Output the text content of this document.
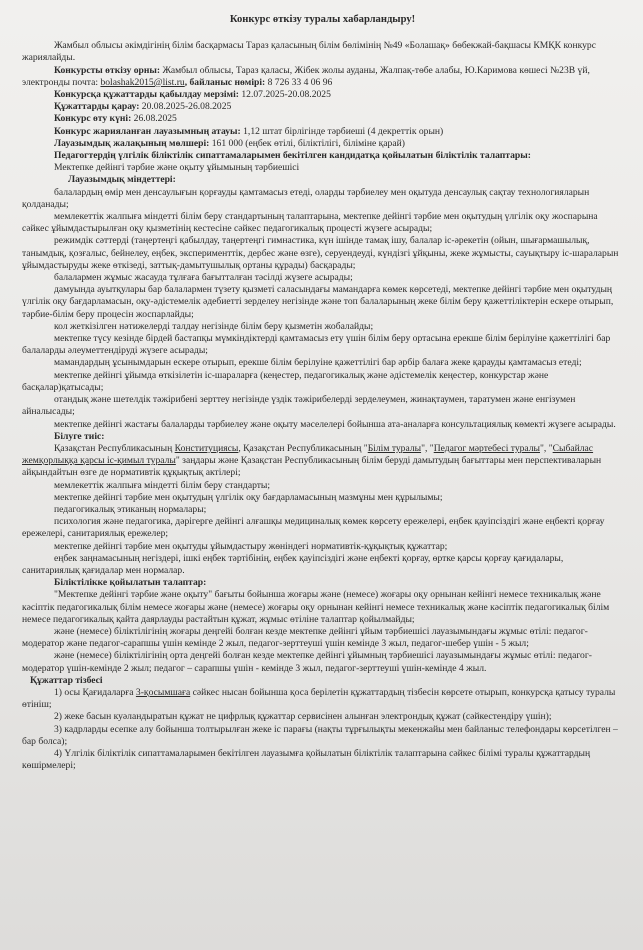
Конкурс өткізу туралы хабарландыру!

Жамбыл облысы әкімдігінің білім басқармасы Тараз қаласының білім бөлімінің №49 «Болашақ» бөбекжай-бақшасы КМҚК конкурс жариялайды.

Конкурсты өткізу орны: Жамбыл облысы, Тараз қаласы, Жібек жолы ауданы, Жалпақ-төбе алабы, Ю.Каримова көшесі №23В үй, электронды почта: bolashak2015@list.ru, байланыс нөмірі: 8 726 33 4 06 96

Конкурсқа құжаттарды қабылдау мерзімі: 12.07.2025-20.08.2025

Құжаттарды қарау: 20.08.2025-26.08.2025

Конкурс өту күні: 26.08.2025

Конкурс жарияланған лауазымның атауы: 1,12 штат бірлігінде тәрбиеші (4 декреттік орын)

Лауазымдық жалақының мөлшері: 161 000 (еңбек өтілі, біліктілігі, біліміне қарай)

Педагогтердің үлгілік біліктілік сипаттамаларымен бекітілген кандидатқа қойылатын біліктілік талаптары:

Мектепке дейінгі тәрбие және оқыту ұйымының тәрбиешісі

Лауазымдық міндеттері:

балалардың өмір мен денсаулығын қорғауды қамтамасыз етеді, оларды тәрбиелеу мен оқытуда денсаулық сақтау технологияларын қолданады;

мемлекеттік жалпыға міндетті білім беру стандартының талаптарына, мектепке дейінгі тәрбие мен оқытудың үлгілік оқу жоспарына сәйкес ұйымдастырылған оқу қызметінің кестесіне сәйкес педагогикалық процесті жүзеге асырады;

режимдік сәттерді (таңертеңгі қабылдау, таңертеңгі гимнастика, күн ішінде тамақ ішу, балалар іс-әрекетін (ойын, шығармашылық, танымдық, қозғалыс, бейнелеу, еңбек, эксперименттік, дербес және өзге), серуендеуді, күндізгі ұйқыны, жеке жұмысты, сауықтыру іс-шараларын ұйымдастыруды жеке өткізеді, заттық-дамытушылық ортаны құрады) басқарады;

балалармен жұмыс жасауда тұлғаға бағытталған тәсілді жүзеге асырады;

дамуында ауытқулары бар балалармен түзету қызметі саласындағы мамандарға көмек көрсетеді, мектепке дейінгі тәрбие мен оқытудың үлгілік оқу бағдарламасын, оқу-әдістемелік әдебиетті зерделеу негізінде және топ балаларының жеке білім беру қажеттіліктерін ескере отырып, тәрбие-білім беру процесін жоспарлайды;

кол жеткізілген нәтижелерді талдау негізінде білім беру қызметін жобалайды;

мектепке түсу кезінде бірдей бастапқы мүмкіндіктерді қамтамасыз ету үшін білім беру ортасына ерекше білім берілуіне қажеттілігі бар балаларды әлеуметтендіруді жүзеге асырады;

мамандардың ұсынымдарын ескере отырып, ерекше білім берілуіне қажеттілігі бар әрбір балаға жеке қарауды қамтамасыз етеді;

мектепке дейінгі ұйымда өткізілетін іс-шараларға (кеңестер, педагогикалық және әдістемелік кеңестер, конкурстар және басқалар)қатысады;

отандық және шетелдік тәжірибені зерттеу негізінде үздік тәжірибелерді зерделеумен, жинақтаумен, таратумен және енгізумен айналысады;

мектепке дейінгі жастағы балаларды тәрбиелеу және оқыту мәселелері бойынша ата-аналарға консультациялық көмекті жүзеге асырады.

Білуге тиіс:

Қазақстан Республикасының Конституциясы, Қазақстан Республикасының "Білім туралы", "Педагог мәртебесі туралы", "Сыбайлас жемқорлыққа қарсы іс-қимыл туралы" заңдары және Қазақстан Республикасының білім беруді дамытудың бағыттары мен перспективаларын айқындайтын өзге де нормативтік құқықтық актілері;

мемлекеттік жалпыға міндетті білім беру стандарты;

мектепке дейінгі тәрбие мен оқытудың үлгілік оқу бағдарламасының мазмұны мен құрылымы;

педагогикалық этиканың нормалары;

психология және педагогика, дәрігерге дейінгі алғашқы медициналық көмек көрсету ережелері, еңбек қауіпсіздігі және еңбекті қорғау ережелері, санитариялық ережелер;

мектепке дейінгі тәрбие мен оқытуды ұйымдастыру жөніндегі нормативтік-құқықтық құжаттар;

еңбек заңнамасының негіздері, ішкі еңбек тәртібінің, еңбек қауіпсіздігі және еңбекті қорғау, өртке қарсы қорғау қағидалары, санитариялық қағидалар мен нормалар.

Біліктілікке қойылатын талаптар:

"Мектепке дейінгі тәрбие және оқыту" бағыты бойынша жоғары және (немесе) жоғары оқу орнынан кейінгі немесе техникалық және кәсіптік педагогикалық білім немесе жоғары және (немесе) жоғары оқу орнынан кейінгі немесе техникалық және кәсіптік педагогикалық білім немесе педагогикалық қайта даярлауды растайтын құжат, жұмыс өтіліне талаптар қойылмайды;

және (немесе) біліктілігінің жоғары деңгейі болған кезде мектепке дейінгі ұйым тәрбиешісі лауазымындағы жұмыс өтілі: педагог-модератор және педагог-сарапшы үшін кемінде 2 жыл, педагог-зерттеуші үшін кемінде 3 жыл, педагог-шебер үшін - 5 жыл;

және (немесе) біліктілігінің орта деңгейі болған кезде мектепке дейінгі ұйымның тәрбиешісі лауазымындағы жұмыс өтілі: педагог-модератор үшін-кемінде 2 жыл; педагог – сарапшы үшін - кемінде 3 жыл, педагог-зерттеуші үшін-кемінде 4 жыл.

Құжаттар тізбесі

1) осы Қағидаларға 3-қосымшаға сәйкес нысан бойынша қоса берілетін құжаттардың тізбесін көрсете отырып, конкурсқа қатысу туралы өтініш;

2) жеке басын куәландыратын құжат не цифрлық құжаттар сервисінен алынған электрондық құжат (сәйкестендіру үшін);

3) кадрларды есепке алу бойынша толтырылған жеке іс парағы (нақты тұрғылықты мекенжайы мен байланыс телефондары көрсетілген – бар болса);

4) Үлгілік біліктілік сипаттамаларымен бекітілген лауазымға қойылатын біліктілік талаптарына сәйкес білімі туралы құжаттардың көшірмелері;
